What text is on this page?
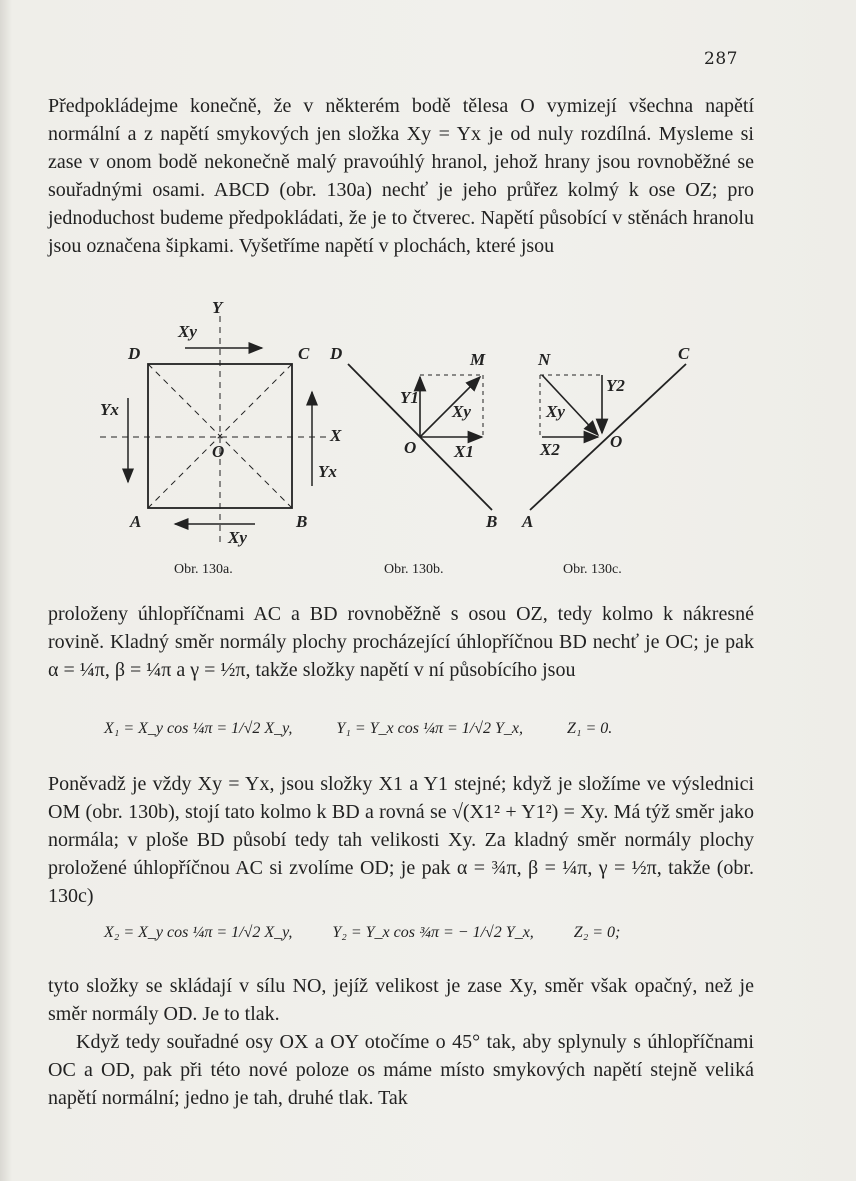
287

Předpokládejme konečně, že v některém bodě tělesa O vymizejí všechna napětí normální a z napětí smykových jen složka Xy = Yx je od nuly rozdílná. Mysleme si zase v onom bodě nekonečně malý pravoúhlý hranol, jehož hrany jsou rovnoběžné se souřadnými osami. ABCD (obr. 130a) nechť je jeho průřez kolmý k ose OZ; pro jednoduchost budeme předpokládati, že je to čtverec. Napětí působící v stěnách hranolu jsou označena šipkami. Vyšetříme napětí v plochách, které jsou

Y
Xy
D	C
Yx
X
O
Yx
A	B
Xy
D	M
Y1
Xy
O X1
B
N	C
Y2
Xy
X2	O
A
Obr. 130a.	Obr. 130b.	Obr. 130c.

proloženy úhlopříčnami AC a BD rovnoběžně s osou OZ, tedy kolmo k nákresné rovině. Kladný směr normály plochy procházející úhlopříčnou BD nechť je OC; je pak α = ¼π, β = ¼π a γ = ½π, takže složky napětí v ní působícího jsou

X₁ = X_y cos ¼π = 1/√2 X_y,	Y₁ = Y_x cos ¼π = 1/√2 Y_x,	Z₁ = 0.

Poněvadž je vždy Xy = Yx, jsou složky X1 a Y1 stejné; když je složíme ve výslednici OM (obr. 130b), stojí tato kolmo k BD a rovná se √(X1² + Y1²) = Xy. Má týž směr jako normála; v ploše BD působí tedy tah velikosti Xy. Za kladný směr normály plochy proložené úhlopříčnou AC si zvolíme OD; je pak α = ¾π, β = ¼π, γ = ½π, takže (obr. 130c)

X₂ = X_y cos ¼π = 1/√2 X_y,	Y₂ = Y_x cos ¾π = − 1/√2 Y_x,	Z₂ = 0;

tyto složky se skládají v sílu NO, jejíž velikost je zase Xy, směr však opačný, než je směr normály OD. Je to tlak.

Když tedy souřadné osy OX a OY otočíme o 45° tak, aby splynuly s úhlopříčnami OC a OD, pak při této nové poloze os máme místo smykových napětí stejně veliká napětí normální; jedno je tah, druhé tlak. Tak
